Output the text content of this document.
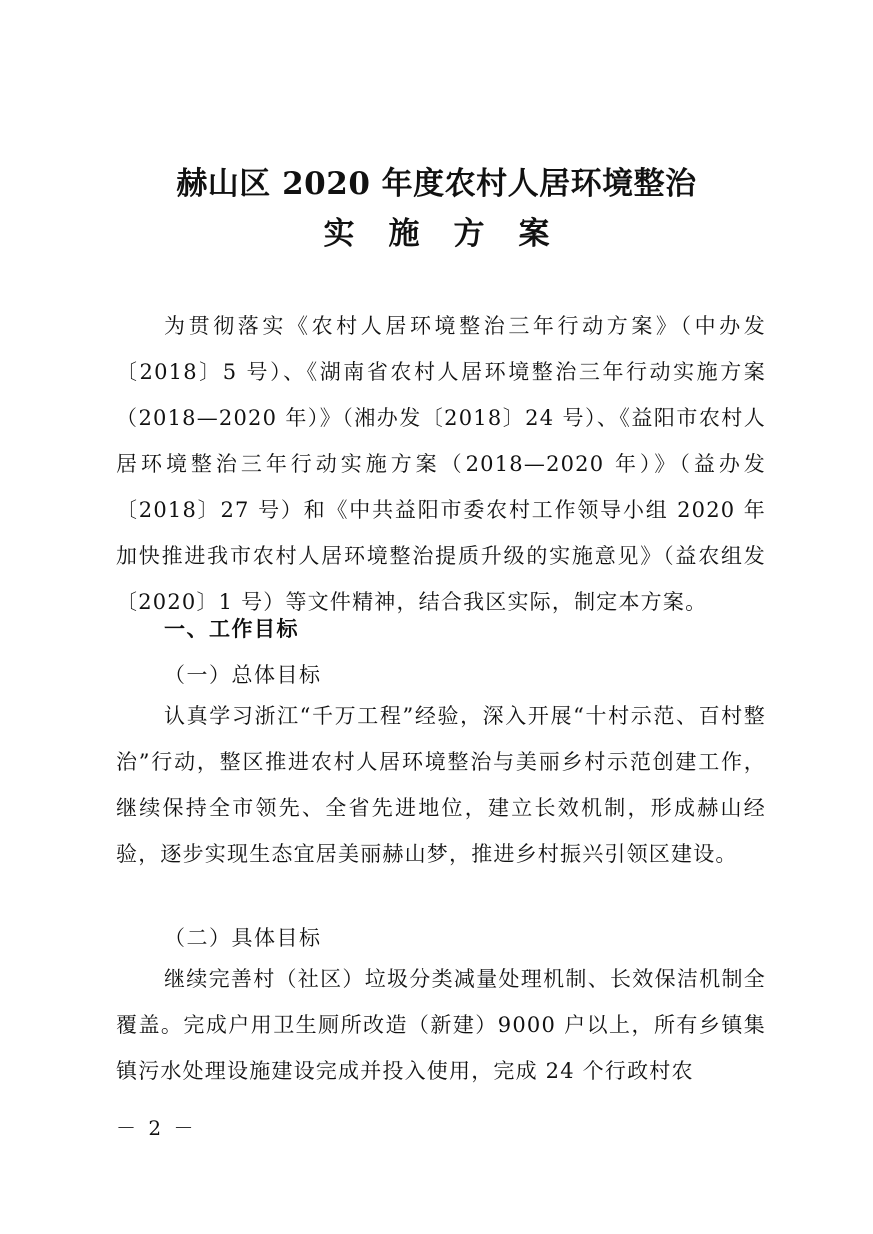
赫山区 2020 年度农村人居环境整治
实施方案

为贯彻落实《农村人居环境整治三年行动方案》（中办发〔2018〕5 号）、《湖南省农村人居环境整治三年行动实施方案（2018—2020 年）》（湘办发〔2018〕24 号）、《益阳市农村人居环境整治三年行动实施方案（2018—2020 年）》（益办发〔2018〕27 号）和《中共益阳市委农村工作领导小组 2020 年加快推进我市农村人居环境整治提质升级的实施意见》（益农组发〔2020〕1 号）等文件精神，结合我区实际，制定本方案。

一、工作目标
（一）总体目标

认真学习浙江“千万工程”经验，深入开展“十村示范、百村整治”行动，整区推进农村人居环境整治与美丽乡村示范创建工作，继续保持全市领先、全省先进地位，建立长效机制，形成赫山经验，逐步实现生态宜居美丽赫山梦，推进乡村振兴引领区建设。

（二）具体目标

继续完善村（社区）垃圾分类减量处理机制、长效保洁机制全覆盖。完成户用卫生厕所改造（新建）9000 户以上，所有乡镇集镇污水处理设施建设完成并投入使用，完成 24 个行政村农

－ 2 －
